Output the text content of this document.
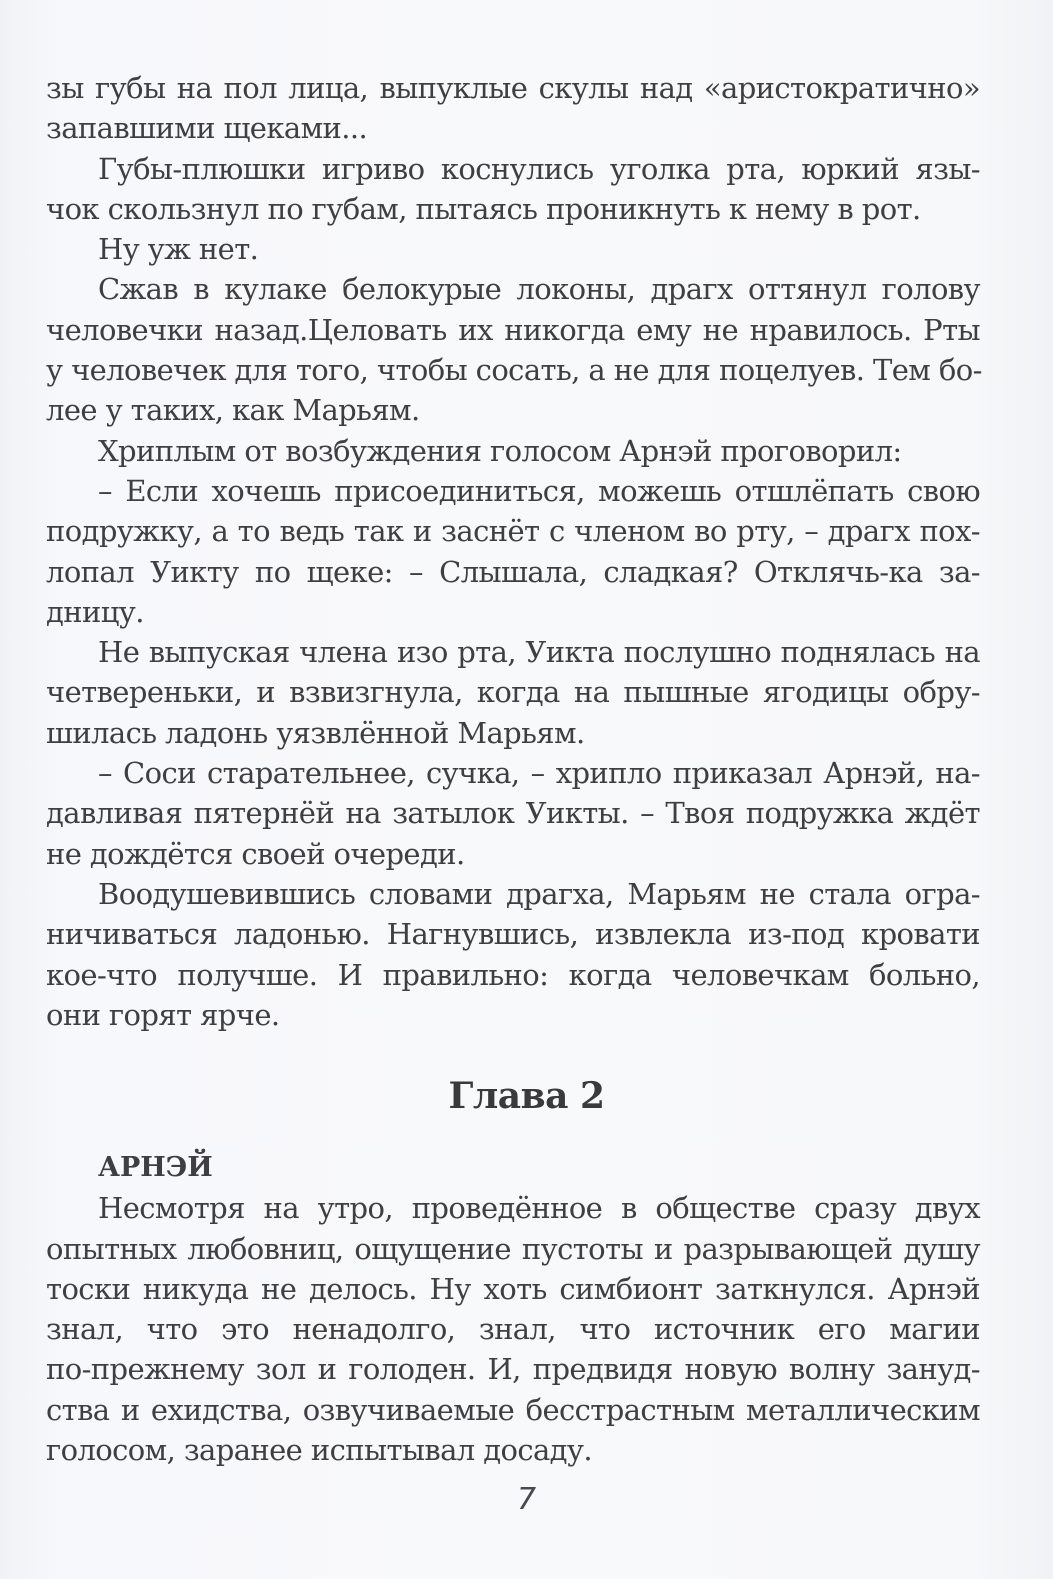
зы губы на пол лица, выпуклые скулы над «аристократично»
запавшими щеками...
Губы-плюшки игриво коснулись уголка рта, юркий язы-
чок скользнул по губам, пытаясь проникнуть к нему в рот.
Ну уж нет.
Сжав в кулаке белокурые локоны, драгх оттянул голову
человечки назад.Целовать их никогда ему не нравилось. Рты
у человечек для того, чтобы сосать, а не для поцелуев. Тем бо-
лее у таких, как Марьям.
Хриплым от возбуждения голосом Арнэй проговорил:
– Если хочешь присоединиться, можешь отшлёпать свою
подружку, а то ведь так и заснёт с членом во рту, – драгх пох-
лопал Уикту по щеке: – Слышала, сладкая? Отклячь-ка за-
дницу.
Не выпуская члена изо рта, Уикта послушно поднялась на
четвереньки, и взвизгнула, когда на пышные ягодицы обру-
шилась ладонь уязвлённой Марьям.
– Соси старательнее, сучка, – хрипло приказал Арнэй, на-
давливая пятернёй на затылок Уикты. – Твоя подружка ждёт
не дождётся своей очереди.
Воодушевившись словами драгха, Марьям не стала огра-
ничиваться ладонью. Нагнувшись, извлекла из-под кровати
кое-что получше. И правильно: когда человечкам больно,
они горят ярче.
Глава 2
АРНЭЙ
Несмотря на утро, проведённое в обществе сразу двух
опытных любовниц, ощущение пустоты и разрывающей душу
тоски никуда не делось. Ну хоть симбионт заткнулся. Арнэй
знал, что это ненадолго, знал, что источник его магии
по-прежнему зол и голоден. И, предвидя новую волну зануд-
ства и ехидства, озвучиваемые бесстрастным металлическим
голосом, заранее испытывал досаду.
7
